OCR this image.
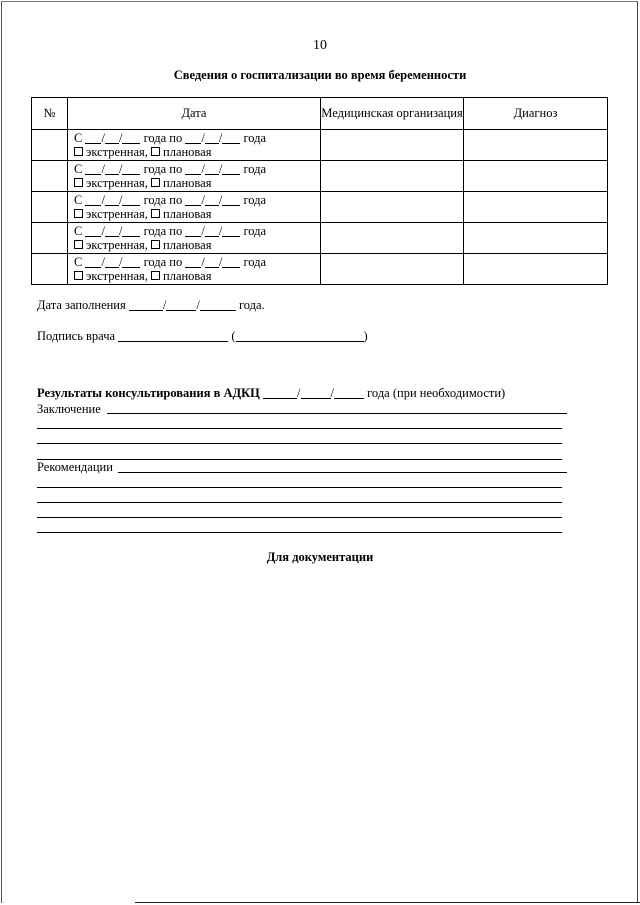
10
Сведения о госпитализации во время беременности
№	Дата	Медицинская организация	Диагноз

	С / / года по / / года
экстренная, плановая		

	С / / года по / / года
экстренная, плановая		

	С / / года по / / года
экстренная, плановая		

	С / / года по / / года
экстренная, плановая		

	С / / года по / / года
экстренная, плановая		

Дата заполнения	/ /	года.
Подпись врача	(	)
Результаты консультирования в АДКЦ	/ /	года (при необходимости)
Заключение
Рекомендации
Для документации
